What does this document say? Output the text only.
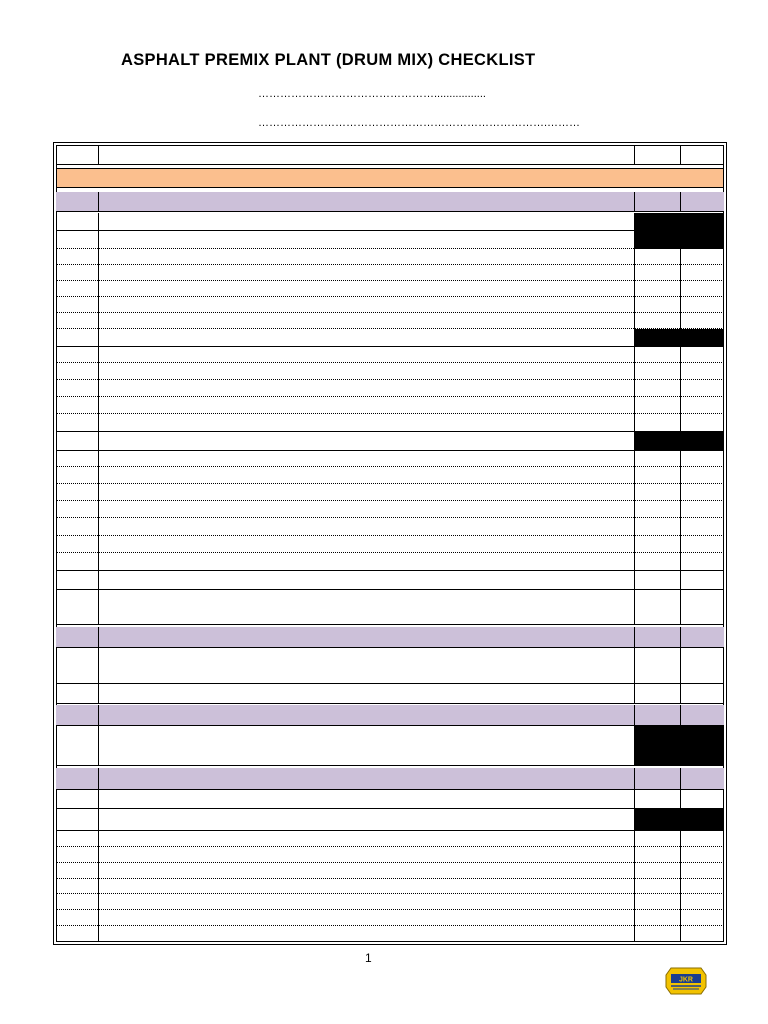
ASPHALT PREMIX PLANT (DRUM MIX) CHECKLIST
………………………………………….................
…………………………………………………………………….………
1
JKR
